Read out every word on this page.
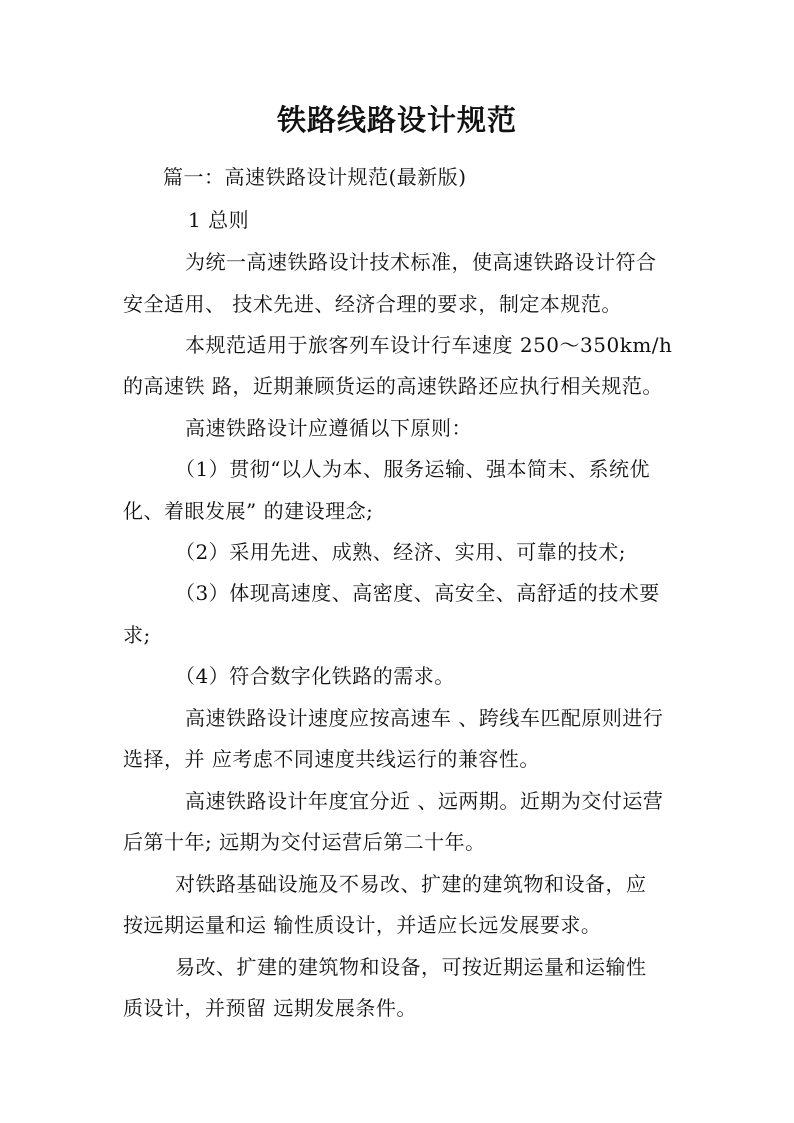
铁路线路设计规范
篇一：高速铁路设计规范(最新版)
1 总则
为统一高速铁路设计技术标准，使高速铁路设计符合
安全适用、 技术先进、经济合理的要求，制定本规范。
本规范适用于旅客列车设计行车速度 250～350km/h
的高速铁 路，近期兼顾货运的高速铁路还应执行相关规范。
高速铁路设计应遵循以下原则：
（1）贯彻“以人为本、服务运输、强本简末、系统优
化、着眼发展” 的建设理念;
（2）采用先进、成熟、经济、实用、可靠的技术;
（3）体现高速度、高密度、高安全、高舒适的技术要
求;
（4）符合数字化铁路的需求。
高速铁路设计速度应按高速车 、跨线车匹配原则进行
选择，并 应考虑不同速度共线运行的兼容性。
高速铁路设计年度宜分近 、远两期。近期为交付运营
后第十年; 远期为交付运营后第二十年。
对铁路基础设施及不易改、扩建的建筑物和设备，应
按远期运量和运 输性质设计，并适应长远发展要求。
易改、扩建的建筑物和设备，可按近期运量和运输性
质设计，并预留 远期发展条件。
